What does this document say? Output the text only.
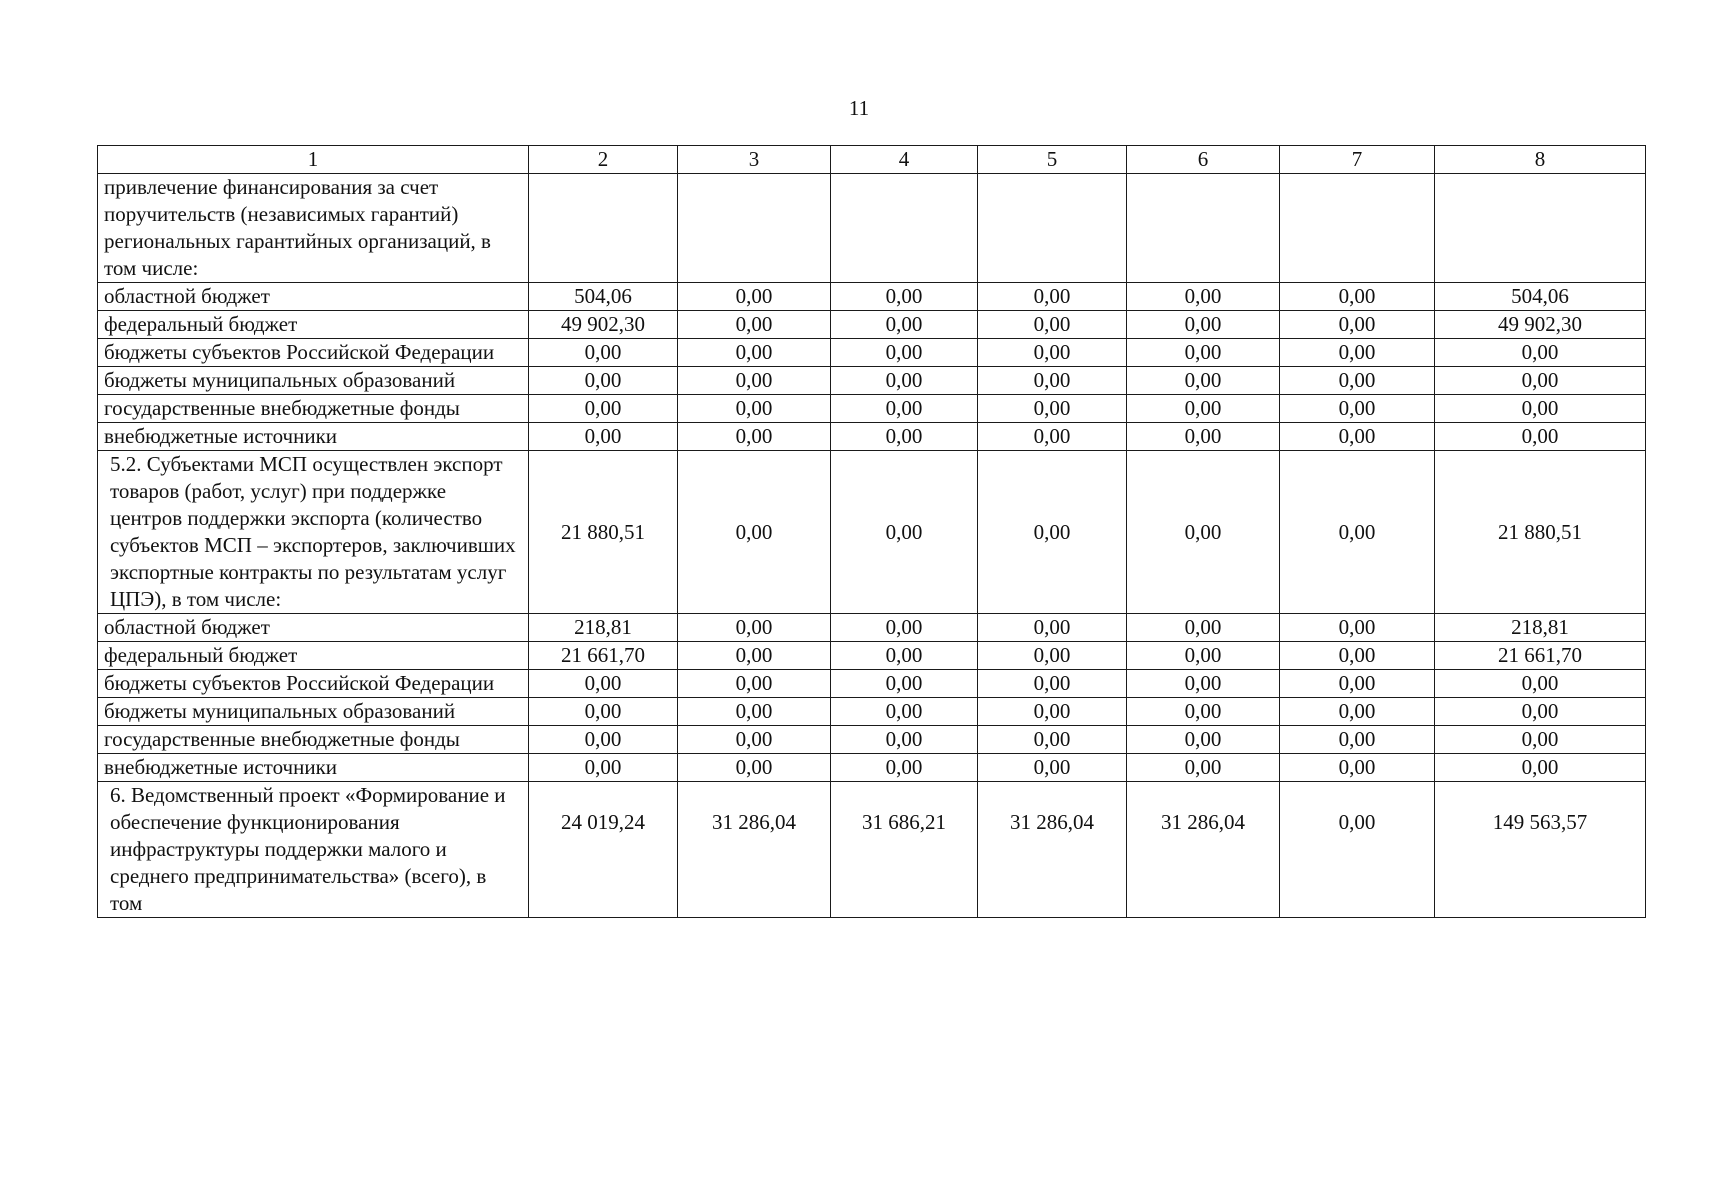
11
1	2	3	4	5	6	7	8
привлечение финансирования за счет поручительств (независимых гарантий) региональных гарантийных организаций, в том числе:							
областной бюджет	504,06	0,00	0,00	0,00	0,00	0,00	504,06
федеральный бюджет	49 902,30	0,00	0,00	0,00	0,00	0,00	49 902,30
бюджеты субъектов Российской Федерации	0,00	0,00	0,00	0,00	0,00	0,00	0,00
бюджеты муниципальных образований	0,00	0,00	0,00	0,00	0,00	0,00	0,00
государственные внебюджетные фонды	0,00	0,00	0,00	0,00	0,00	0,00	0,00
внебюджетные источники	0,00	0,00	0,00	0,00	0,00	0,00	0,00
5.2. Субъектами МСП осуществлен экспорт товаров (работ, услуг) при поддержке центров поддержки экспорта (количество субъектов МСП – экспортеров, заключивших экспортные контракты по результатам услуг ЦПЭ), в том числе:	21 880,51	0,00	0,00	0,00	0,00	0,00	21 880,51
областной бюджет	218,81	0,00	0,00	0,00	0,00	0,00	218,81
федеральный бюджет	21 661,70	0,00	0,00	0,00	0,00	0,00	21 661,70
бюджеты субъектов Российской Федерации	0,00	0,00	0,00	0,00	0,00	0,00	0,00
бюджеты муниципальных образований	0,00	0,00	0,00	0,00	0,00	0,00	0,00
государственные внебюджетные фонды	0,00	0,00	0,00	0,00	0,00	0,00	0,00
внебюджетные источники	0,00	0,00	0,00	0,00	0,00	0,00	0,00
6. Ведомственный проект «Формирование и обеспечение функционирования инфраструктуры поддержки малого и среднего предпринимательства» (всего), в том	24 019,24	31 286,04	31 686,21	31 286,04	31 286,04	0,00	149 563,57
